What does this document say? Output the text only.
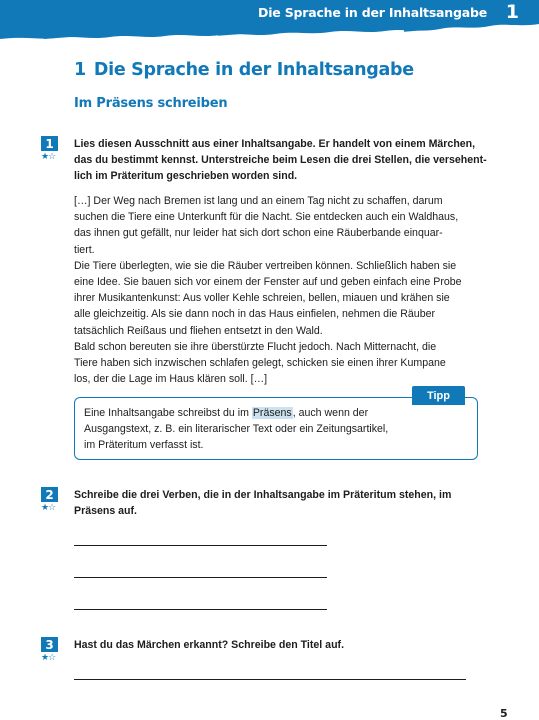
Die Sprache in der Inhaltsangabe 1
1 Die Sprache in der Inhaltsangabe
Im Präsens schreiben
1
★☆
Lies diesen Ausschnitt aus einer Inhaltsangabe. Er handelt von einem Märchen,
das du bestimmt kennst. Unterstreiche beim Lesen die drei Stellen, die versehent-
lich im Präteritum geschrieben worden sind.
[…] Der Weg nach Bremen ist lang und an einem Tag nicht zu schaffen, darum
suchen die Tiere eine Unterkunft für die Nacht. Sie entdecken auch ein Waldhaus,
das ihnen gut gefällt, nur leider hat sich dort schon eine Räuberbande einquar-
tiert.
Die Tiere überlegten, wie sie die Räuber vertreiben können. Schließlich haben sie
eine Idee. Sie bauen sich vor einem der Fenster auf und geben einfach eine Probe
ihrer Musikantenkunst: Aus voller Kehle schreien, bellen, miauen und krähen sie
alle gleichzeitig. Als sie dann noch in das Haus einfielen, nehmen die Räuber
tatsächlich Reißaus und fliehen entsetzt in den Wald.
Bald schon bereuten sie ihre überstürzte Flucht jedoch. Nach Mitternacht, die
Tiere haben sich inzwischen schlafen gelegt, schicken sie einen ihrer Kumpane
los, der die Lage im Haus klären soll. […]
Tipp
Eine Inhaltsangabe schreibst du im Präsens, auch wenn der
Ausgangstext, z. B. ein literarischer Text oder ein Zeitungsartikel,
im Präteritum verfasst ist.
2
★☆
Schreibe die drei Verben, die in der Inhaltsangabe im Präteritum stehen, im
Präsens auf.
3
★☆
Hast du das Märchen erkannt? Schreibe den Titel auf.
5
